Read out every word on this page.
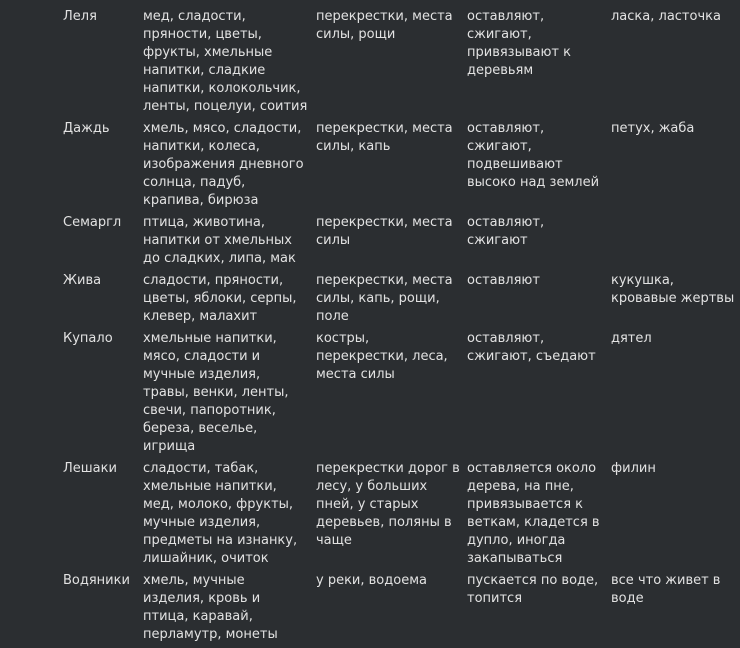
Леля	мед, сладости, пряности, цветы, фрукты, хмельные напитки, сладкие напитки, колокольчик, ленты, поцелуи, соития	перекрестки, места силы, рощи	оставляют, сжигают, привязывают к деревьям	ласка, ласточка
Даждь	хмель, мясо, сладости, напитки, колеса, изображения дневного солнца, падуб, крапива, бирюза	перекрестки, места силы, капь	оставляют, сжигают, подвешивают высоко над землей	петух, жаба
Семаргл	птица, животина, напитки от хмельных до сладких, липа, мак	перекрестки, места силы	оставляют, сжигают	
Жива	сладости, пряности, цветы, яблоки, серпы, клевер, малахит	перекрестки, места силы, капь, рощи, поле	оставляют	кукушка, кровавые жертвы
Купало	хмельные напитки, мясо, сладости и мучные изделия, травы, венки, ленты, свечи, папоротник, береза, веселье, игрища	костры, перекрестки, леса, места силы	оставляют, сжигают, съедают	дятел
Лешаки	сладости, табак, хмельные напитки, мед, молоко, фрукты, мучные изделия, предметы на изнанку, лишайник, очиток	перекрестки дорог в лесу, у больших пней, у старых деревьев, поляны в чаще	оставляется около дерева, на пне, привязывается к веткам, кладется в дупло, иногда закапываться	филин
Водяники	хмель, мучные изделия, кровь и птица, каравай, перламутр, монеты	у реки, водоема	пускается по воде, топится	все что живет в воде
